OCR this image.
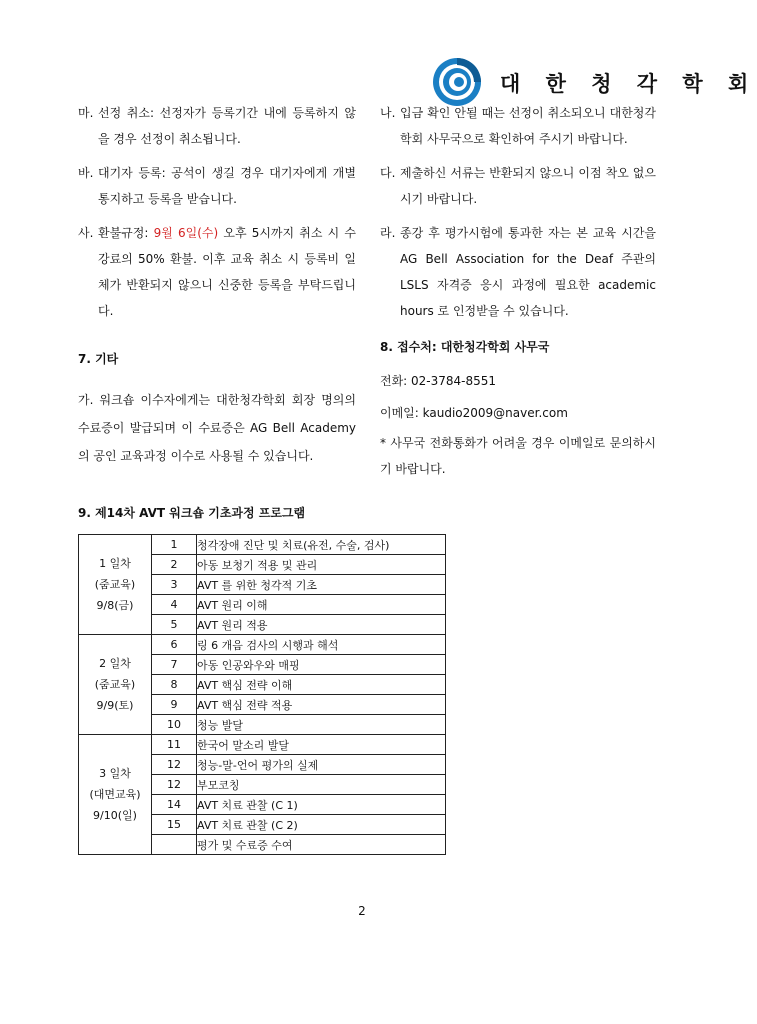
대 한 청 각 학 회
마. 선정 취소: 선정자가 등록기간 내에 등록하지 않을 경우 선정이 취소됩니다.
바. 대기자 등록: 공석이 생길 경우 대기자에게 개별 통지하고 등록을 받습니다.
사. 환불규정: 9월 6일(수) 오후 5시까지 취소 시 수강료의 50% 환불. 이후 교육 취소 시 등록비 일체가 반환되지 않으니 신중한 등록을 부탁드립니다.
7. 기타
가. 워크숍 이수자에게는 대한청각학회 회장 명의의 수료증이 발급되며 이 수료증은 AG Bell Academy의 공인 교육과정 이수로 사용될 수 있습니다.
나. 입금 확인 안될 때는 선정이 취소되오니 대한청각학회 사무국으로 확인하여 주시기 바랍니다.
다. 제출하신 서류는 반환되지 않으니 이점 착오 없으시기 바랍니다.
라. 종강 후 평가시험에 통과한 자는 본 교육 시간을 AG Bell Association for the Deaf 주관의 LSLS 자격증 응시 과정에 필요한 academic hours 로 인정받을 수 있습니다.
8. 접수처: 대한청각학회 사무국
전화: 02-3784-8551
이메일: kaudio2009@naver.com
* 사무국 전화통화가 어려울 경우 이메일로 문의하시기 바랍니다.
9. 제14차 AVT 워크숍 기초과정 프로그램
1 일차
(줌교육)
9/8(금)	1	청각장애 진단 및 치료(유전, 수술, 검사)
	2	아동 보청기 적용 및 관리
	3	AVT 를 위한 청각적 기초
	4	AVT 원리 이해
	5	AVT 원리 적용

2 일차
(줌교육)
9/9(토)	6	링 6 개음 검사의 시행과 해석
	7	아동 인공와우와 매핑
	8	AVT 핵심 전략 이해
	9	AVT 핵심 전략 적용
	10	청능 발달

3 일차
(대면교육)
9/10(일)	11	한국어 말소리 발달
	12	청능-말-언어 평가의 실제
	12	부모코칭
	14	AVT 치료 관찰 (C 1)
	15	AVT 치료 관찰 (C 2)
		평가 및 수료증 수여
2
